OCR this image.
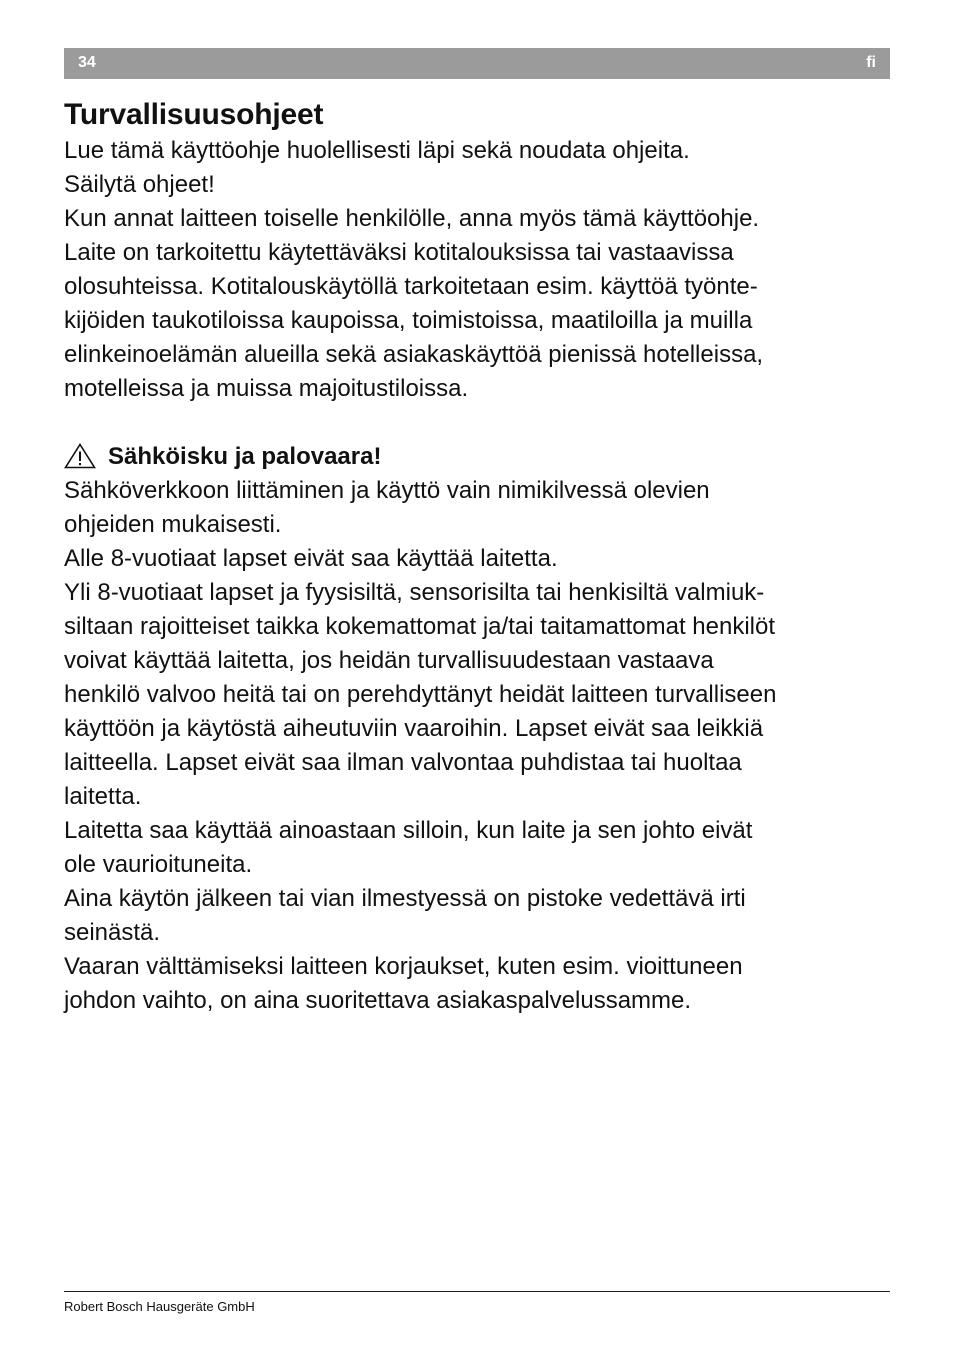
34	fi
Turvallisuusohjeet

Lue tämä käyttöohje huolellisesti läpi sekä noudata ohjeita.

Säilytä ohjeet!

Kun annat laitteen toiselle henkilölle, anna myös tämä käyttöohje.

Laite on tarkoitettu käytettäväksi kotitalouksissa tai vastaavissa

olosuhteissa. Kotitalouskäytöllä tarkoitetaan esim. käyttöä työnte-

kijöiden taukotiloissa kaupoissa, toimistoissa, maatiloilla ja muilla

elinkeinoelämän alueilla sekä asiakaskäyttöä pienissä hotelleissa,

motelleissa ja muissa majoitustiloissa.

Sähköisku ja palovaara!

Sähköverkkoon liittäminen ja käyttö vain nimikilvessä olevien

ohjeiden mukaisesti.

Alle 8-vuotiaat lapset eivät saa käyttää laitetta.

Yli 8-vuotiaat lapset ja fyysisiltä, sensorisilta tai henkisiltä valmiuk-

siltaan rajoitteiset taikka kokemattomat ja/tai taitamattomat henkilöt

voivat käyttää laitetta, jos heidän turvallisuudestaan vastaava

henkilö valvoo heitä tai on perehdyttänyt heidät laitteen turvalliseen

käyttöön ja käytöstä aiheutuviin vaaroihin. Lapset eivät saa leikkiä

laitteella. Lapset eivät saa ilman valvontaa puhdistaa tai huoltaa

laitetta.

Laitetta saa käyttää ainoastaan silloin, kun laite ja sen johto eivät

ole vaurioituneita.

Aina käytön jälkeen tai vian ilmestyessä on pistoke vedettävä irti

seinästä.

Vaaran välttämiseksi laitteen korjaukset, kuten esim. vioittuneen

johdon vaihto, on aina suoritettava asiakaspalvelussamme.

Robert Bosch Hausgeräte GmbH
